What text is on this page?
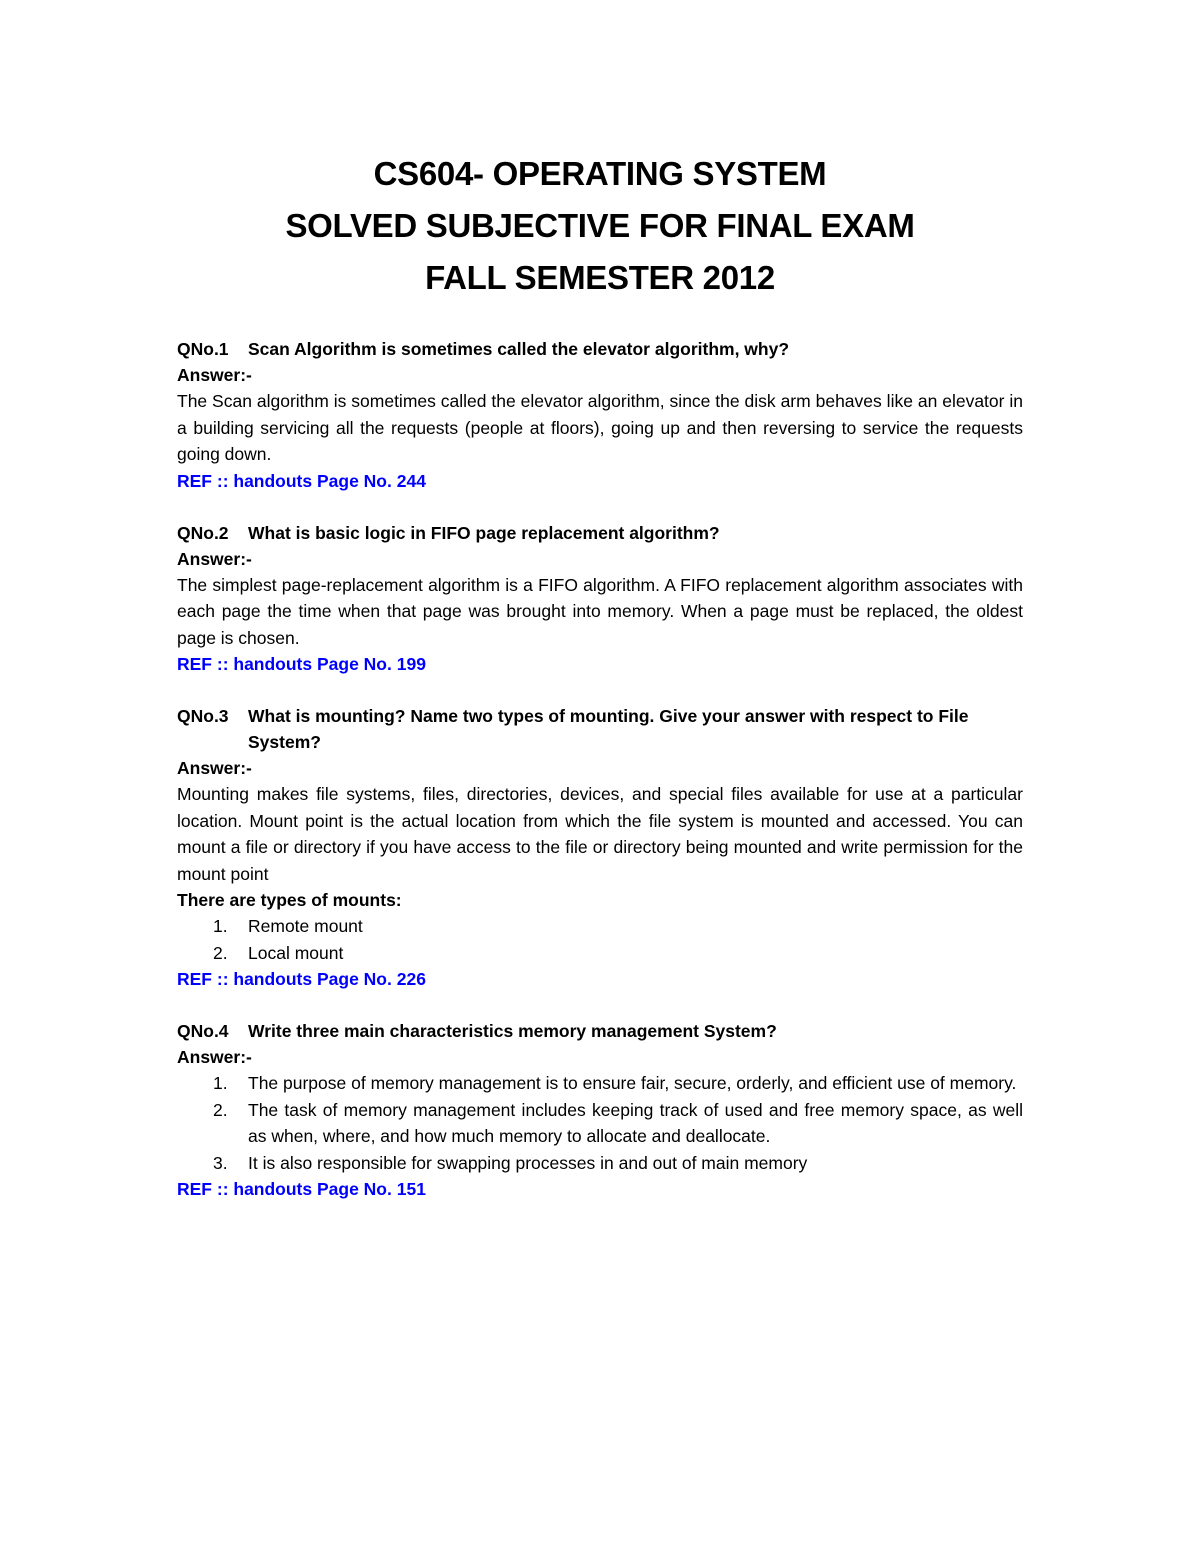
CS604- OPERATING SYSTEM
SOLVED SUBJECTIVE FOR FINAL EXAM
FALL SEMESTER 2012
QNo.1	Scan Algorithm is sometimes called the elevator algorithm, why?
Answer:-
The Scan algorithm is sometimes called the elevator algorithm, since the disk arm behaves like an elevator in a building servicing all the requests (people at floors), going up and then reversing to service the requests going down.
REF :: handouts Page No. 244
QNo.2	What is basic logic in FIFO page replacement algorithm?
Answer:-
The simplest page-replacement algorithm is a FIFO algorithm. A FIFO replacement algorithm associates with each page the time when that page was brought into memory. When a page must be replaced, the oldest page is chosen.
REF :: handouts Page No. 199
QNo.3	What is mounting? Name two types of mounting. Give your answer with respect to File System?
Answer:-
Mounting makes file systems, files, directories, devices, and special files available for use at a particular location. Mount point is the actual location from which the file system is mounted and accessed. You can mount a file or directory if you have access to the file or directory being mounted and write permission for the mount point
There are types of mounts:
1.	Remote mount
2.	Local mount
REF :: handouts Page No. 226
QNo.4	Write three main characteristics memory management System?
Answer:-
1.	The purpose of memory management is to ensure fair, secure, orderly, and efficient use of memory.
2.	The task of memory management includes keeping track of used and free memory space, as well as when, where, and how much memory to allocate and deallocate.
3.	It is also responsible for swapping processes in and out of main memory
REF :: handouts Page No. 151
